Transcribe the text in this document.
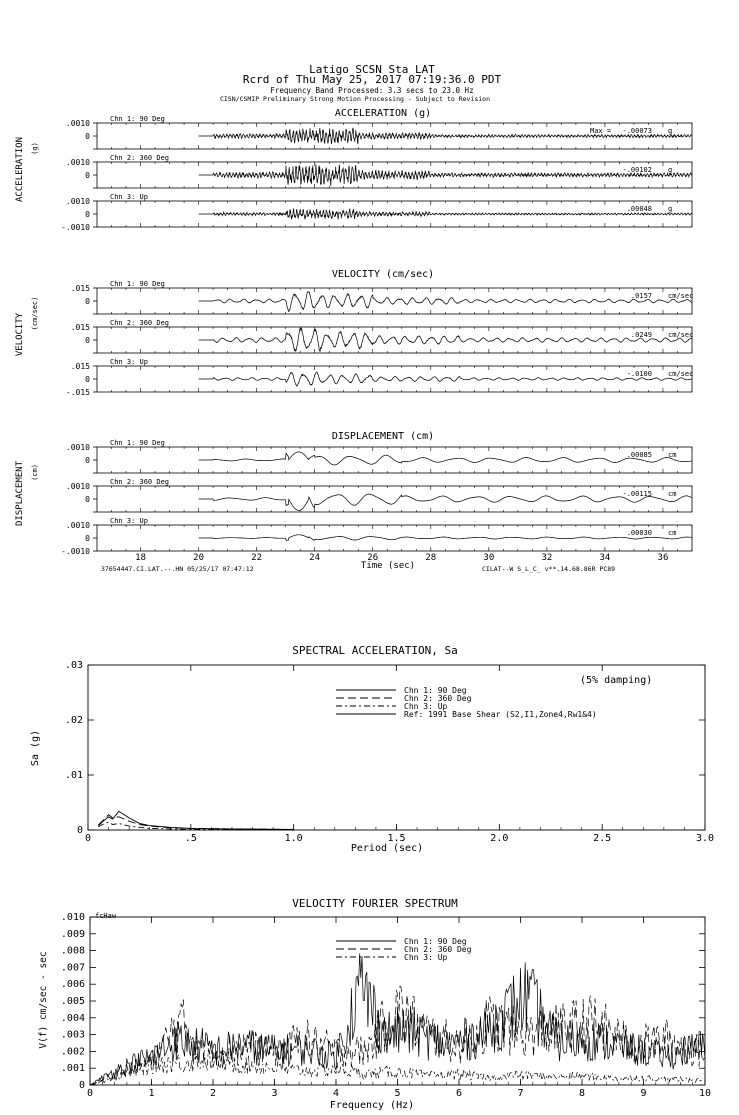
Latigo SCSN Sta LAT
Rcrd of Thu May 25, 2017 07:19:36.0 PDT
Frequency Band Processed: 3.3 secs to 23.0 Hz
CISN/CSMIP Preliminary Strong Motion Processing - Subject to Revision
ACCELERATION (g)
ACCELERATION (g)
.0010
0
Chn 1: 90 Deg
Max = -.00073 g
.0010
0
Chn 2: 360 Deg
-.00102 g
.0010
0
-.0010
Chn 3: Up
.00048 g
VELOCITY (cm/sec)
VELOCITY (cm/sec)
.015
0
Chn 1: 90 Deg
.0157 cm/sec
.015
0
Chn 2: 360 Deg
.0249 cm/sec
.015
0
-.015
Chn 3: Up
-.0100 cm/sec
DISPLACEMENT (cm)
DISPLACEMENT (cm)
.0010
0
Chn 1: 90 Deg
.00085 cm
.0010
0
Chn 2: 360 Deg
-.00115 cm
.0010
0
-.0010
Chn 3: Up
.00030 cm
18	20	22	24	26	28	30	32	34	36
Time (sec)
37654447.CI.LAT.--.HN 05/25/17 07:47:12	CILAT--W S_L_C_ v**.14.68.86R PC89
SPECTRAL ACCELERATION, Sa
(5% damping)
Sa (g)
Period (sec)
VELOCITY FOURIER SPECTRUM
fcHaw
V(f) cm/sec - sec
Frequency (Hz)
0	.5	1.0	1.5	2.0	2.5	3.0
0
.01
.02
.03
Chn 1: 90 Deg
Chn 2: 360 Deg
Chn 3: Up
Ref: 1991 Base Shear (S2,I1,Zone4,Rw1&4)
0	1	2	3	4	5	6	7	8	9	10
0
.001
.002
.003
.004
.005
.006
.007
.008
.009
.010
Chn 1: 90 Deg
Chn 2: 360 Deg
Chn 3: Up
